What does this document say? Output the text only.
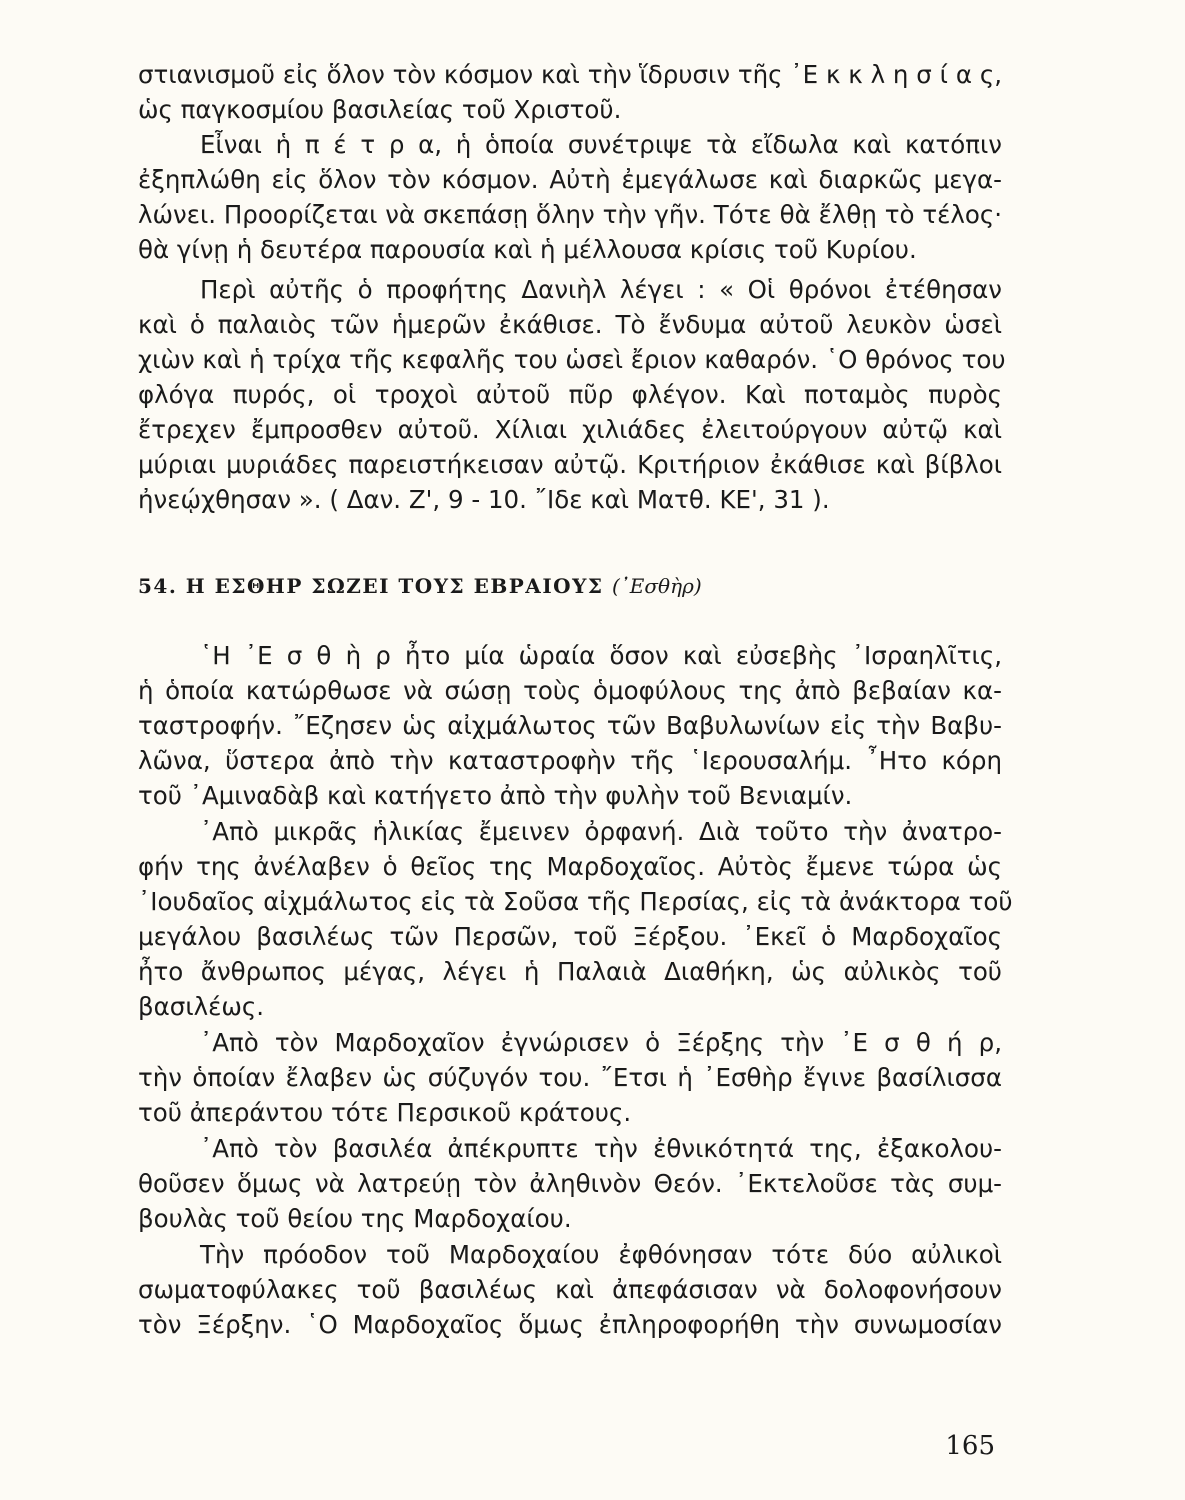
στιανισμοῦ εἰς ὅλον τὸν κόσμον καὶ τὴν ἵδρυσιν τῆς ᾿Ε κ κ λ η σ ί α ς,
ὡς παγκοσμίου βασιλείας τοῦ Χριστοῦ.
Εἶναι ἡ π έ τ ρ α, ἡ ὁποία συνέτριψε τὰ εἴδωλα καὶ κατόπιν
ἐξηπλώθη εἰς ὅλον τὸν κόσμον. Αὐτὴ ἐμεγάλωσε καὶ διαρκῶς μεγα-
λώνει. Προορίζεται νὰ σκεπάσῃ ὅλην τὴν γῆν. Τότε θὰ ἔλθῃ τὸ τέλος·
θὰ γίνῃ ἡ δευτέρα παρουσία καὶ ἡ μέλλουσα κρίσις τοῦ Κυρίου.
Περὶ αὐτῆς ὁ προφήτης Δανιὴλ λέγει : « Οἱ θρόνοι ἐτέθησαν
καὶ ὁ παλαιὸς τῶν ἡμερῶν ἐκάθισε. Τὸ ἔνδυμα αὐτοῦ λευκὸν ὡσεὶ
χιὼν καὶ ἡ τρίχα τῆς κεφαλῆς του ὡσεὶ ἔριον καθαρόν. ῾Ο θρόνος του
φλόγα πυρός, οἱ τροχοὶ αὐτοῦ πῦρ φλέγον. Καὶ ποταμὸς πυρὸς
ἔτρεχεν ἔμπροσθεν αὐτοῦ. Χίλιαι χιλιάδες ἐλειτούργουν αὐτῷ καὶ
μύριαι μυριάδες παρειστήκεισαν αὐτῷ. Κριτήριον ἐκάθισε καὶ βίβλοι
ἠνεῴχθησαν ». ( Δαν. Ζ', 9 - 10. ῎Ιδε καὶ Ματθ. ΚΕ', 31 ).
54. Η ΕΣΘΗΡ ΣΩΖΕΙ ΤΟΥΣ ΕΒΡΑΙΟΥΣ (᾿Εσθὴρ)
῾Η ᾿Ε σ θ ὴ ρ ἦτο μία ὡραία ὅσον καὶ εὐσεβὴς ᾿Ισραηλῖτις,
ἡ ὁποία κατώρθωσε νὰ σώσῃ τοὺς ὁμοφύλους της ἀπὸ βεβαίαν κα-
ταστροφήν. ῎Εζησεν ὡς αἰχμάλωτος τῶν Βαβυλωνίων εἰς τὴν Βαβυ-
λῶνα, ὕστερα ἀπὸ τὴν καταστροφὴν τῆς ῾Ιερουσαλήμ. ῏Ητο κόρη
τοῦ ᾿Αμιναδὰβ καὶ κατήγετο ἀπὸ τὴν φυλὴν τοῦ Βενιαμίν.
᾿Απὸ μικρᾶς ἡλικίας ἔμεινεν ὀρφανή. Διὰ τοῦτο τὴν ἀνατρο-
φήν της ἀνέλαβεν ὁ θεῖος της Μαρδοχαῖος. Αὐτὸς ἔμενε τώρα ὡς
᾿Ιουδαῖος αἰχμάλωτος εἰς τὰ Σοῦσα τῆς Περσίας, εἰς τὰ ἀνάκτορα τοῦ
μεγάλου βασιλέως τῶν Περσῶν, τοῦ Ξέρξου. ᾿Εκεῖ ὁ Μαρδοχαῖος
ἦτο ἄνθρωπος μέγας, λέγει ἡ Παλαιὰ Διαθήκη, ὡς αὐλικὸς τοῦ
βασιλέως.
᾿Απὸ τὸν Μαρδοχαῖον ἐγνώρισεν ὁ Ξέρξης τὴν ᾿Ε σ θ ή ρ,
τὴν ὁποίαν ἔλαβεν ὡς σύζυγόν του. ῎Ετσι ἡ ᾿Εσθὴρ ἔγινε βασίλισσα
τοῦ ἀπεράντου τότε Περσικοῦ κράτους.
᾿Απὸ τὸν βασιλέα ἀπέκρυπτε τὴν ἐθνικότητά της, ἐξακολου-
θοῦσεν ὅμως νὰ λατρεύῃ τὸν ἀληθινὸν Θεόν. ᾿Εκτελοῦσε τὰς συμ-
βουλὰς τοῦ θείου της Μαρδοχαίου.
Τὴν πρόοδον τοῦ Μαρδοχαίου ἐφθόνησαν τότε δύο αὐλικοὶ
σωματοφύλακες τοῦ βασιλέως καὶ ἀπεφάσισαν νὰ δολοφονήσουν
τὸν Ξέρξην. ῾Ο Μαρδοχαῖος ὅμως ἐπληροφορήθη τὴν συνωμοσίαν
165
